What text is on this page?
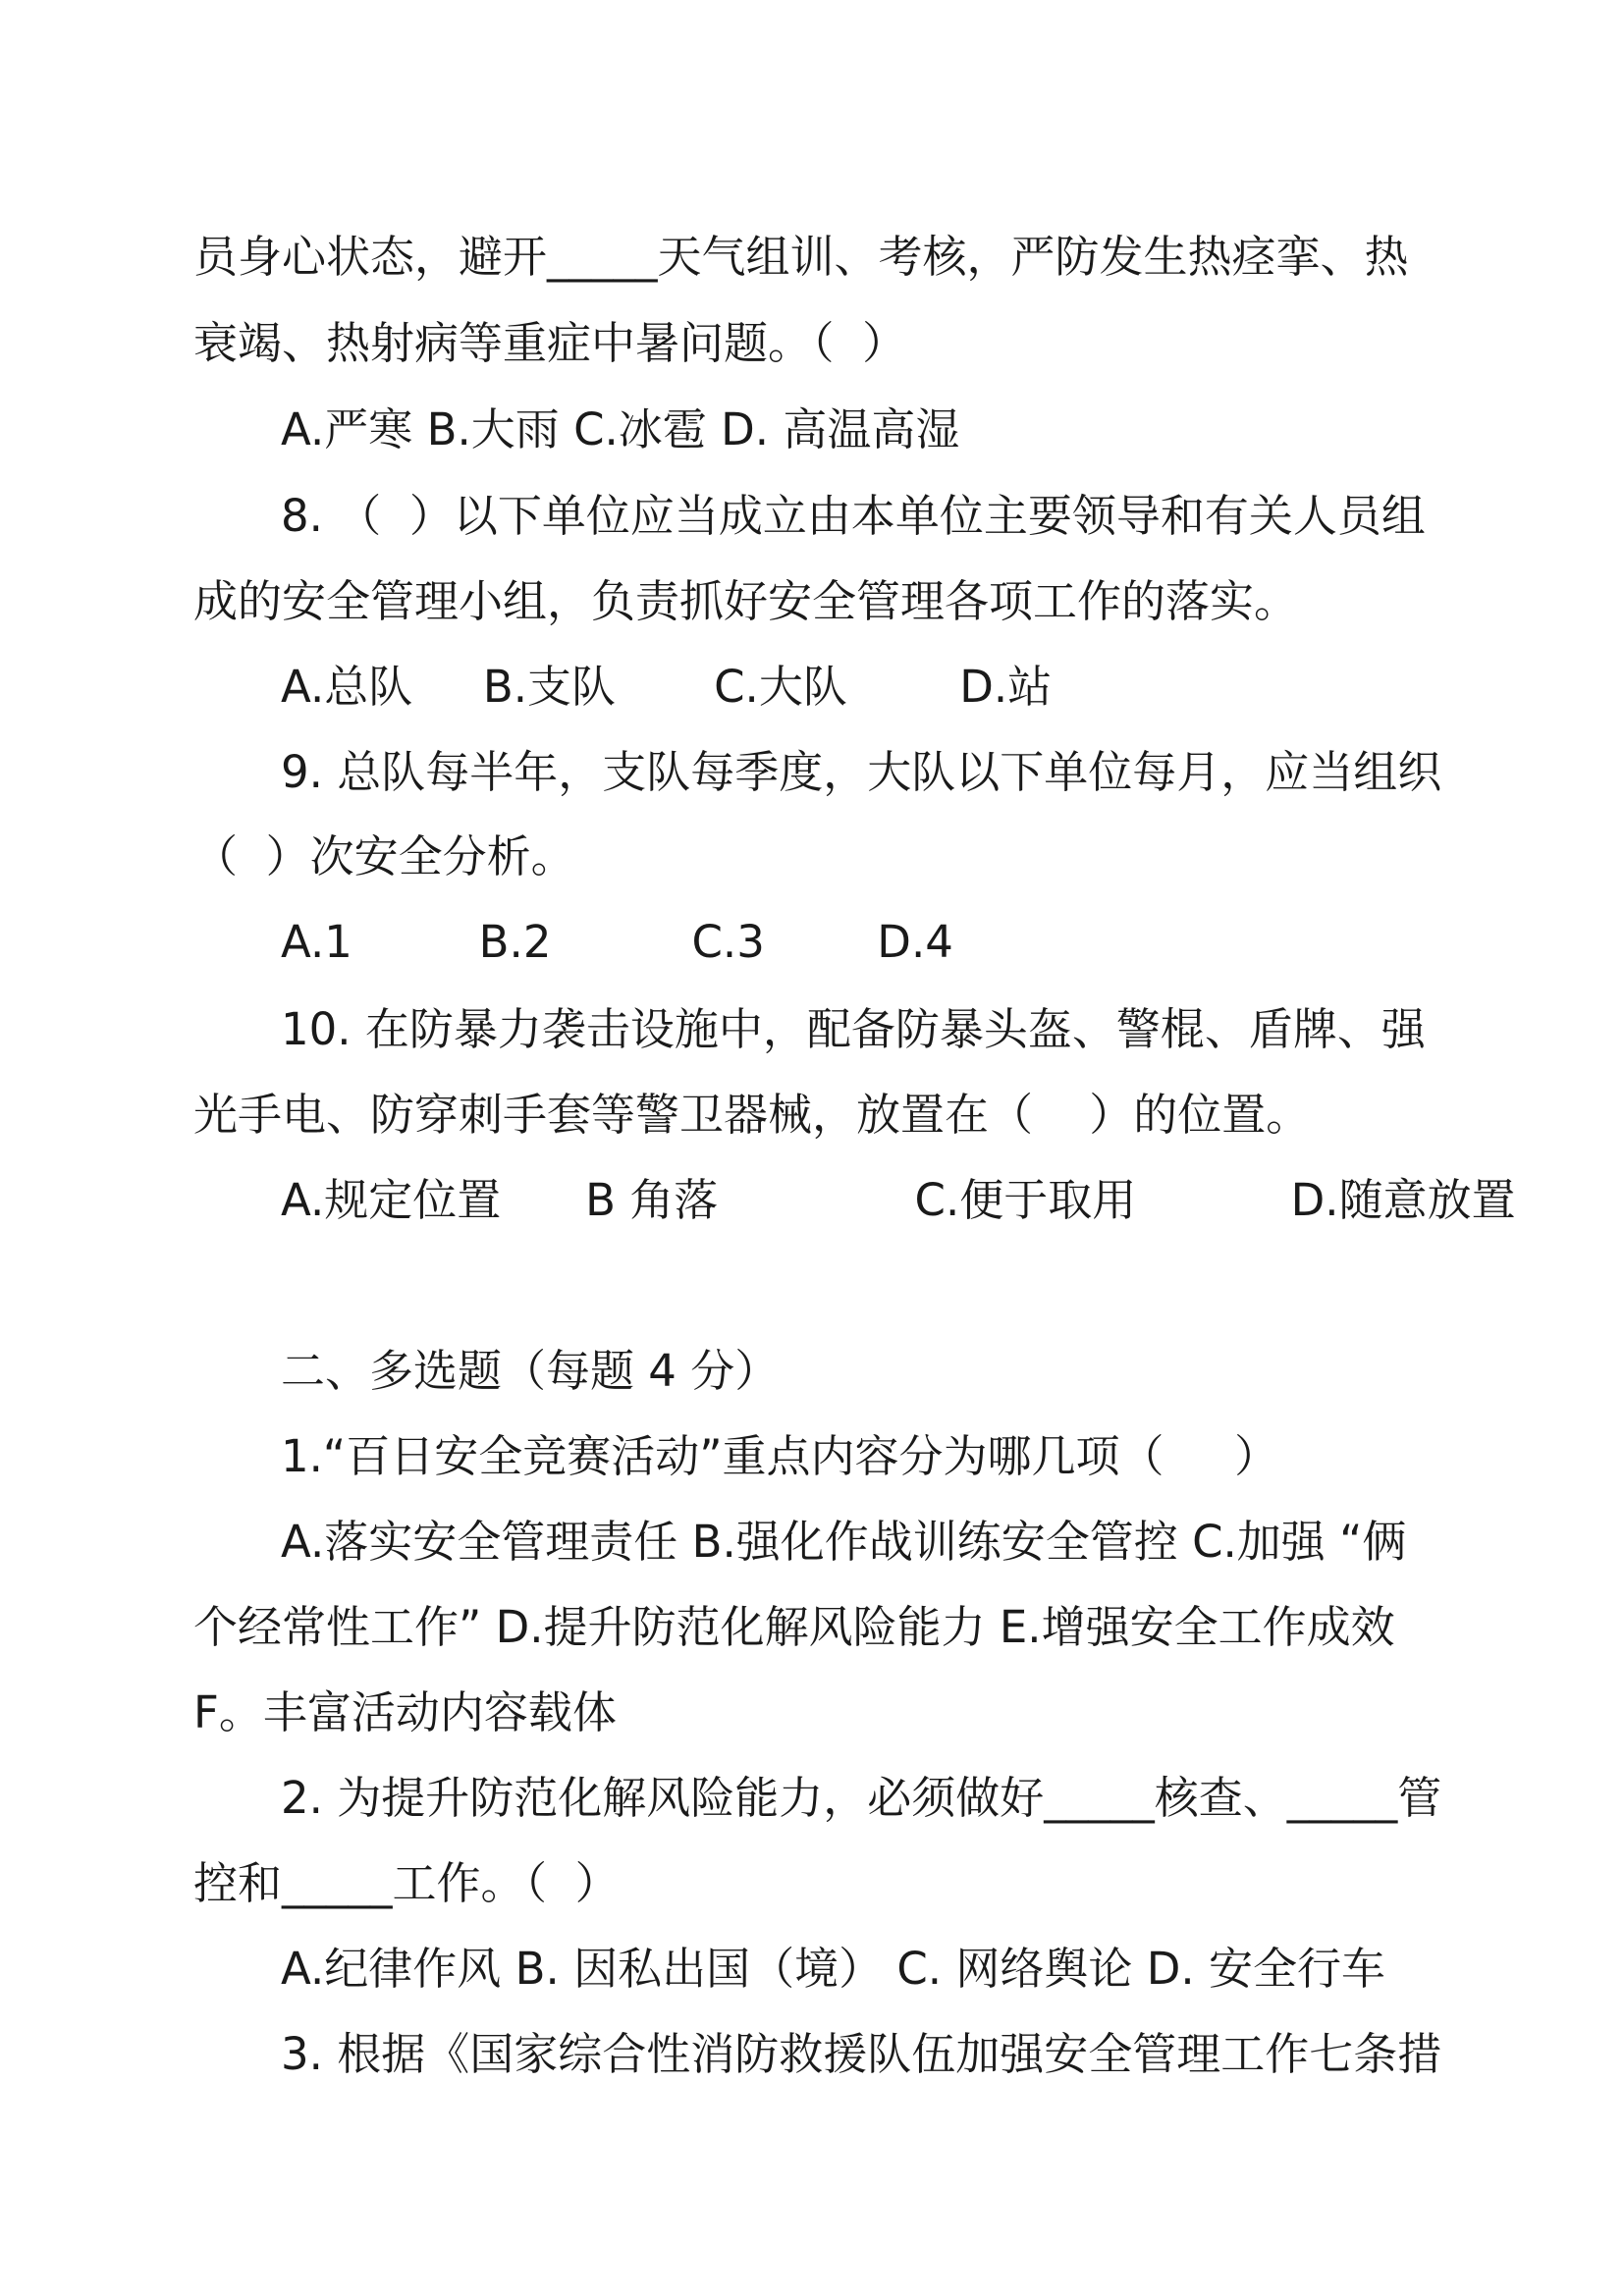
员身心状态，避开_____天气组训、考核，严防发生热痉挛、热
衰竭、热射病等重症中暑问题。（  ）
A.严寒 B.大雨 C.冰雹 D. 高温高湿
8. （  ）以下单位应当成立由本单位主要领导和有关人员组
成的安全管理小组，负责抓好安全管理各项工作的落实。
A.总队     B.支队       C.大队        D.站
9. 总队每半年，支队每季度，大队以下单位每月，应当组织
（  ）次安全分析。
A.1         B.2          C.3        D.4
10. 在防暴力袭击设施中，配备防暴头盔、警棍、盾牌、强
光手电、防穿刺手套等警卫器械，放置在（    ）的位置。
A.规定位置      B 角落              C.便于取用           D.随意放置
二、多选题（每题 4 分）
1.“百日安全竞赛活动”重点内容分为哪几项（     ）
A.落实安全管理责任 B.强化作战训练安全管控 C.加强 “俩
个经常性工作” D.提升防范化解风险能力 E.增强安全工作成效
F。丰富活动内容载体
2. 为提升防范化解风险能力，必须做好_____核查、_____管
控和_____工作。（  ）
A.纪律作风 B. 因私出国（境） C. 网络舆论 D. 安全行车
3. 根据《国家综合性消防救援队伍加强安全管理工作七条措
